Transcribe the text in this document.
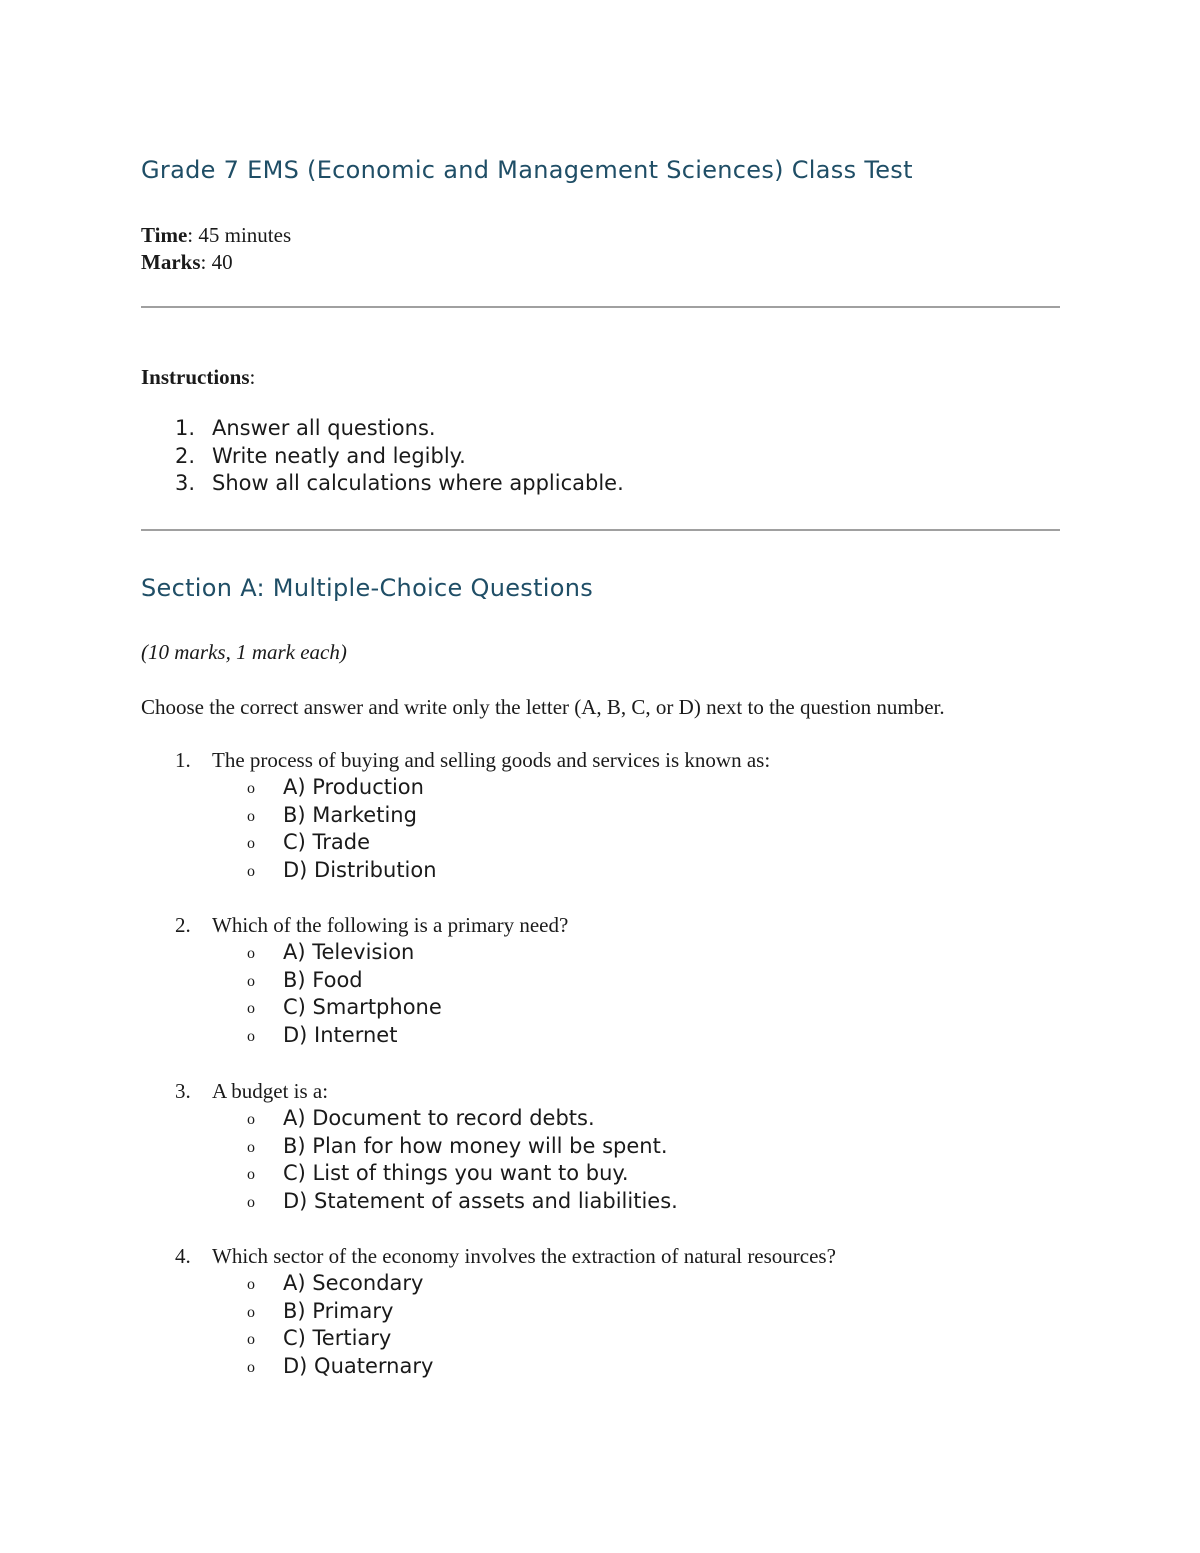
Grade 7 EMS (Economic and Management Sciences) Class Test
Time: 45 minutes
Marks: 40
Instructions:
1. Answer all questions.
2. Write neatly and legibly.
3. Show all calculations where applicable.
Section A: Multiple-Choice Questions
(10 marks, 1 mark each)
Choose the correct answer and write only the letter (A, B, C, or D) next to the question number.
1. The process of buying and selling goods and services is known as:
o A) Production
o B) Marketing
o C) Trade
o D) Distribution
2. Which of the following is a primary need?
o A) Television
o B) Food
o C) Smartphone
o D) Internet
3. A budget is a:
o A) Document to record debts.
o B) Plan for how money will be spent.
o C) List of things you want to buy.
o D) Statement of assets and liabilities.
4. Which sector of the economy involves the extraction of natural resources?
o A) Secondary
o B) Primary
o C) Tertiary
o D) Quaternary
